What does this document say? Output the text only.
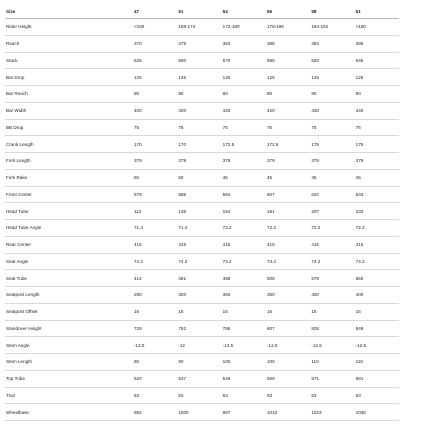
Size	47	51	54	56	58	61
Rider Height	<160	168-174	172-180	178-186	184-192	>190
Reach	370	379	383	388	393	395
Stack	525	550	570	595	620	645
Bar Drop	125	125	125	125	125	125
Bar Reach	80	80	80	80	80	80
Bar Width	400	420	420	420	420	440
BB Drop	75	75	75	75	75	75
Crank Length	170	170	172.5	172.5	175	175
Fork Length	379	379	379	379	379	379
Fork Rake	50	50	45	45	45	45
Front Center	579	586	594	607	620	633
Head Tube	112	138	154	181	207	233
Head Tube Angle	71.4	71.4	72.2	72.2	72.2	72.2
Rear Center	415	415	415	415	415	415
Seat Angle	74.2	74.2	74.2	74.2	74.2	74.2
Seat Tube	414	461	488	508	578	550
Seatpost Length	280	320	360	360	400	400
Seatpost Offset	15	15	15	15	15	15
Standover Height	729	762	786	807	828	849
Stem Angle	-12.5	-12	-12.5	-12.5	-12.5	-12.5
Stem Length	80	90	100	100	110	110
Top Tube	520	537	546	559	571	581
Trail	63	63	63	63	63	63
Wheelbase	982	1000	997	1010	1023	1036
